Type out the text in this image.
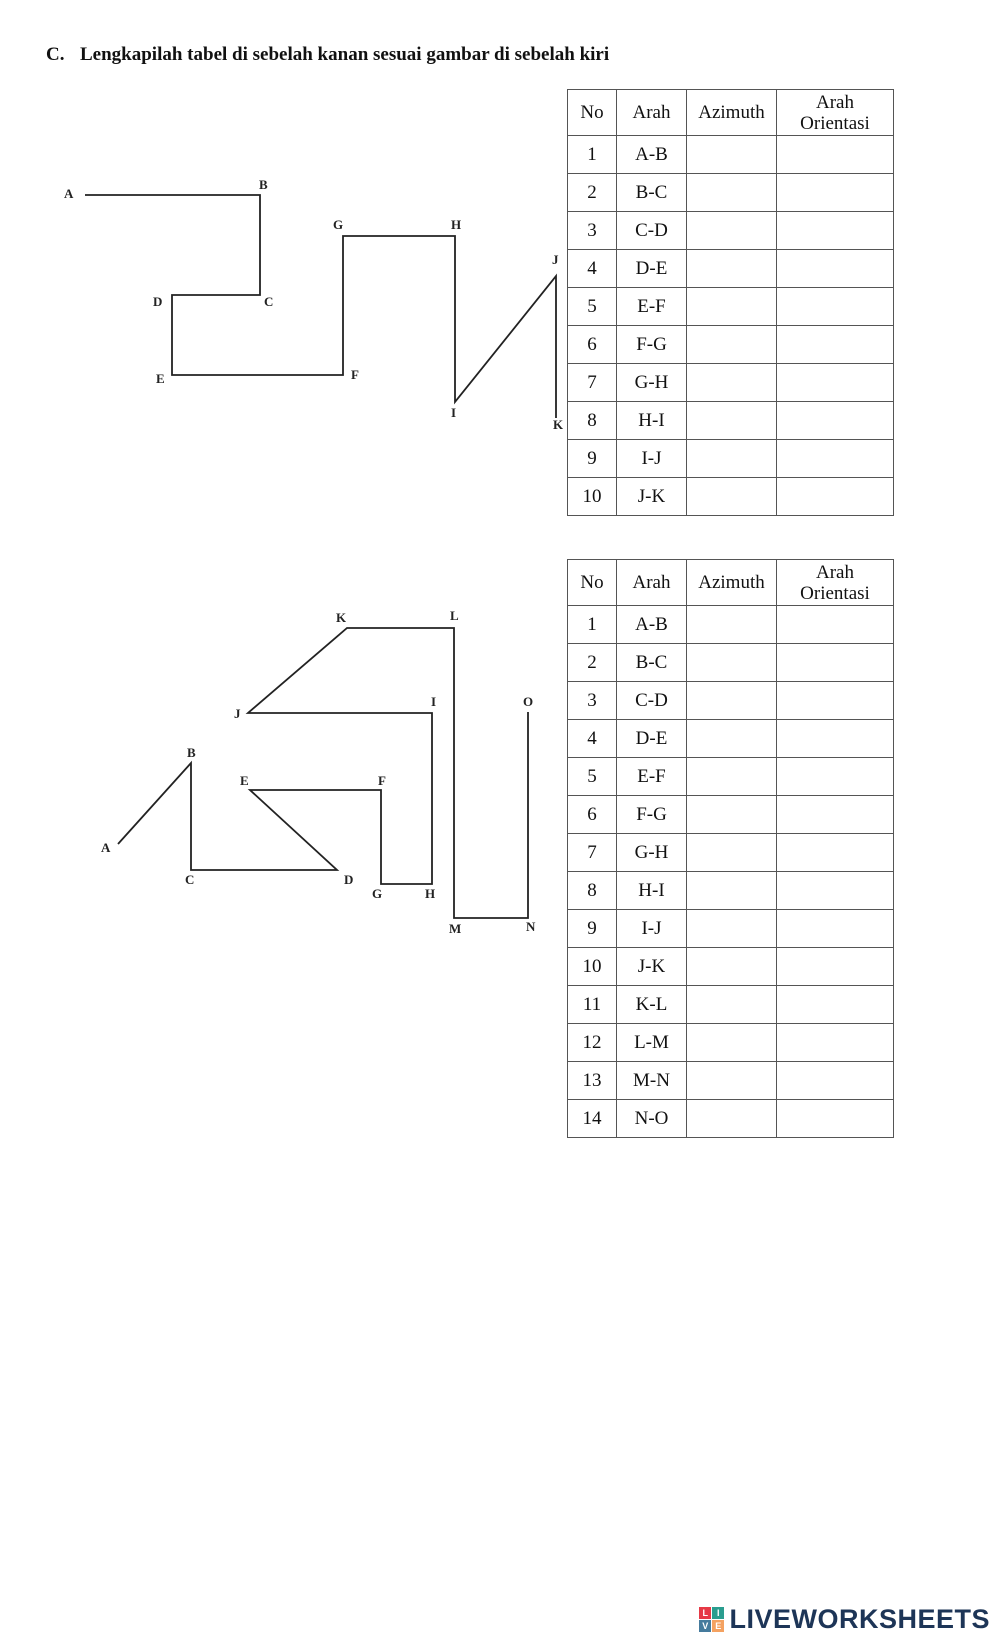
C. Lengkapilah tabel di sebelah kanan sesuai gambar di sebelah kiri
A
B
C
D
E	F
G	H
I
J
K
No	Arah	Azimuth	Arah
Orientasi
1	A-B		
2	B-C		
3	C-D		
4	D-E		
5	E-F		
6	F-G		
7	G-H		
8	H-I		
9	I-J		
10	J-K		
A
B
C	D
E	F
G	H
I
J
K	L
M	N
O
No	Arah	Azimuth	Arah
Orientasi
1	A-B		
2	B-C		
3	C-D		
4	D-E		
5	E-F		
6	F-G		
7	G-H		
8	H-I		
9	I-J		
10	J-K		
11	K-L		
12	L-M		
13	M-N		
14	N-O		
L I
V E LIVEWORKSHEETS
